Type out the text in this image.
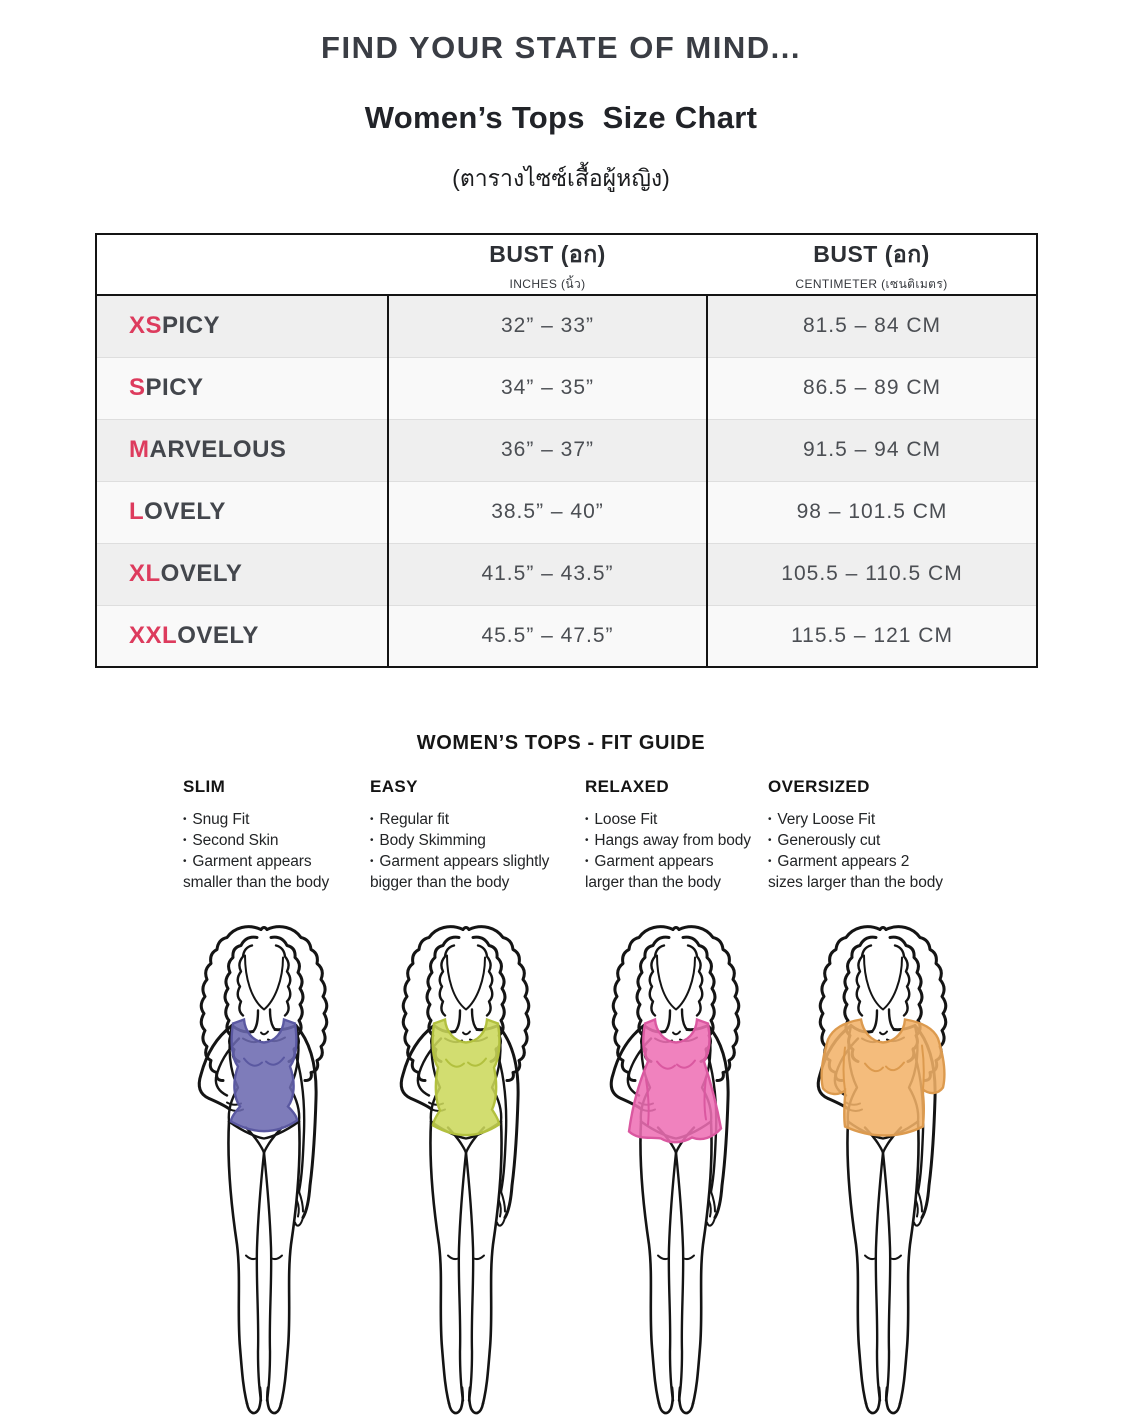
FIND YOUR STATE OF MIND...
Women’s Tops  Size Chart
(ตารางไซซ์เสื้อผู้หญิง)

BUST (อก)
INCHES (นิ้ว)

BUST (อก)
CENTIMETER (เซนติเมตร)

XSPICY	32” – 33”	81.5 – 84 CM
SPICY	34” – 35”	86.5 – 89 CM
MARVELOUS	36” – 37”	91.5 – 94 CM
LOVELY	38.5” – 40”	98 – 101.5 CM
XLOVELY	41.5” – 43.5”	105.5 – 110.5 CM
XXLOVELY	45.5” – 47.5”	115.5 – 121 CM
WOMEN’S TOPS - FIT GUIDE
SLIM
• Snug Fit
• Second Skin
• Garment appears
smaller than the body
EASY
• Regular fit
• Body Skimming
• Garment appears slightly
bigger than the body
RELAXED
• Loose Fit
• Hangs away from body
• Garment appears
larger than the body
OVERSIZED
• Very Loose Fit
• Generously cut
• Garment appears 2
sizes larger than the body
